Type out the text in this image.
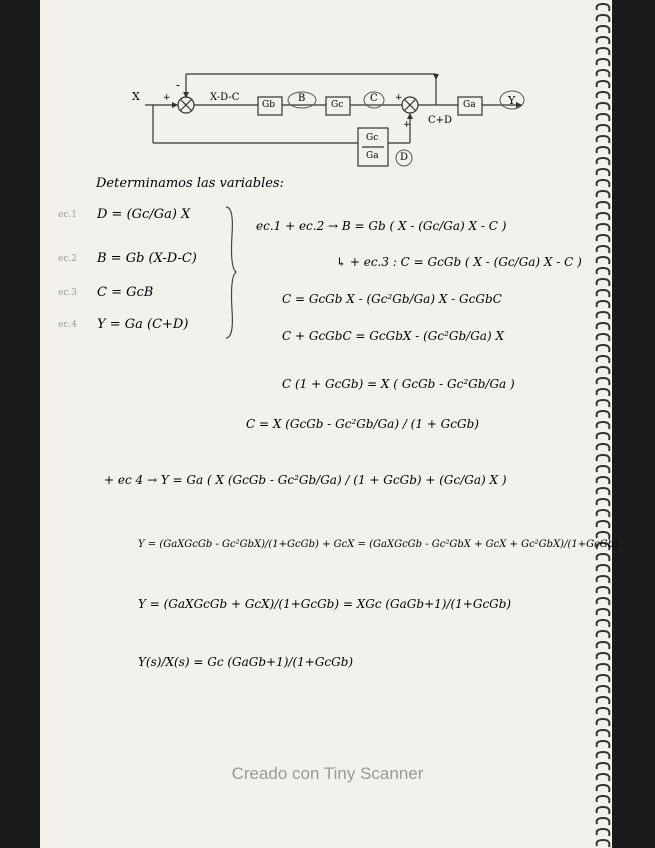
X	Y
X-D-C
-
+	+
+
Gb	Gc	Ga
Gc
Ga
B	C
D
C+D
Determinamos las variables:
ec.1 D = (Gc/Ga) X
ec.2 B = Gb (X-D-C)
ec.3 C = GcB
ec.4 Y = Ga (C+D)
ec.1 + ec.2 → B = Gb ( X - (Gc/Ga) X - C )
↳ + ec.3 : C = GcGb ( X - (Gc/Ga) X - C )
C = GcGb X - (Gc²Gb/Ga) X - GcGbC
C + GcGbC = GcGbX - (Gc²Gb/Ga) X
C (1 + GcGb) = X ( GcGb - Gc²Gb/Ga )
C = X (GcGb - Gc²Gb/Ga) / (1 + GcGb)
+ ec 4 → Y = Ga ( X (GcGb - Gc²Gb/Ga) / (1 + GcGb) + (Gc/Ga) X )
Y = (GaXGcGb - Gc²GbX)/(1+GcGb) + GcX = (GaXGcGb - Gc²GbX + GcX + Gc²GbX)/(1+GcGb)
Y = (GaXGcGb + GcX)/(1+GcGb) = XGc (GaGb+1)/(1+GcGb)
Y(s)/X(s) = Gc (GaGb+1)/(1+GcGb)
Creado con Tiny Scanner
